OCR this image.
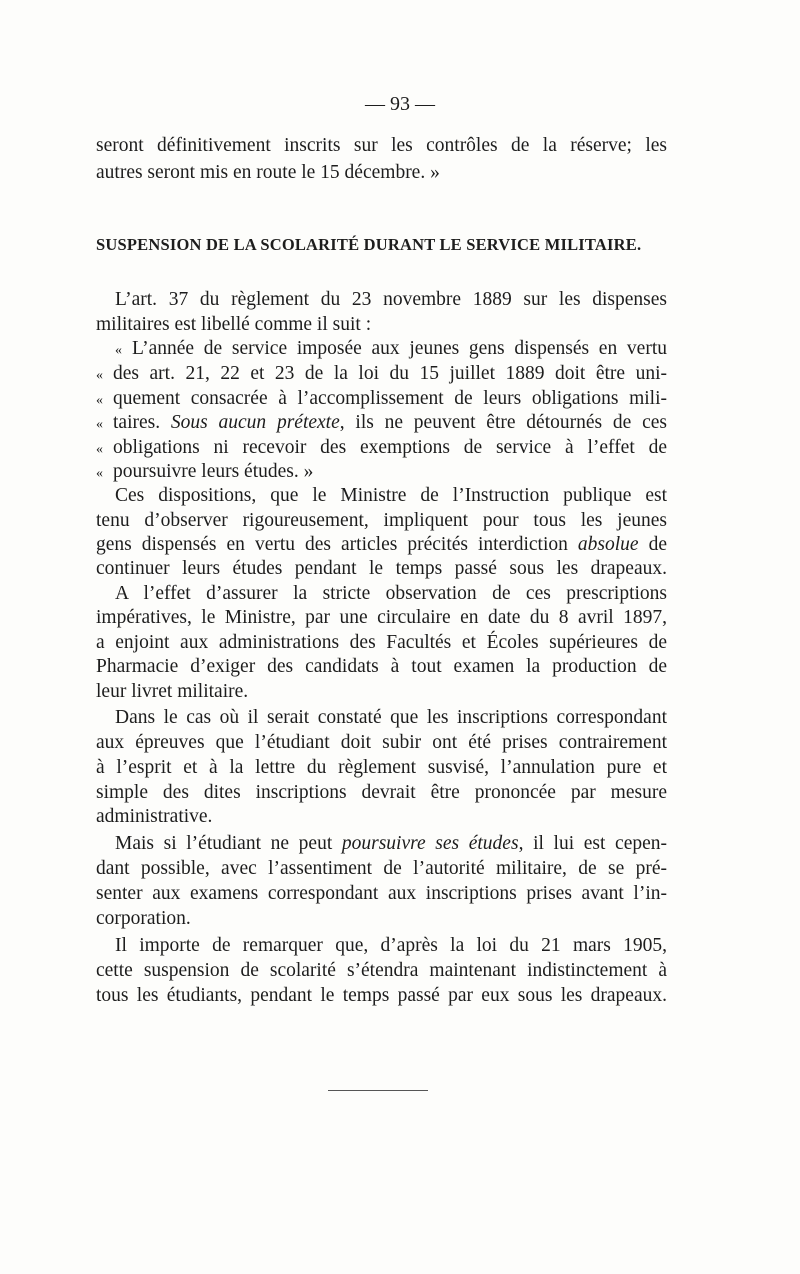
— 93 —
seront définitivement inscrits sur les contrôles de la réserve; les
autres seront mis en route le 15 décembre. »
SUSPENSION DE LA SCOLARITÉ DURANT LE SERVICE MILITAIRE.
L’art. 37 du règlement du 23 novembre 1889 sur les dispenses
militaires est libellé comme il suit :
« L’année de service imposée aux jeunes gens dispensés en vertu
« des art. 21, 22 et 23 de la loi du 15 juillet 1889 doit être uni-
« quement consacrée à l’accomplissement de leurs obligations mili-
« taires. Sous aucun prétexte, ils ne peuvent être détournés de ces
« obligations ni recevoir des exemptions de service à l’effet de
« poursuivre leurs études. »
Ces dispositions, que le Ministre de l’Instruction publique est
tenu d’observer rigoureusement, impliquent pour tous les jeunes
gens dispensés en vertu des articles précités interdiction absolue de
continuer leurs études pendant le temps passé sous les drapeaux.
A l’effet d’assurer la stricte observation de ces prescriptions
impératives, le Ministre, par une circulaire en date du 8 avril 1897,
a enjoint aux administrations des Facultés et Écoles supérieures de
Pharmacie d’exiger des candidats à tout examen la production de
leur livret militaire.
Dans le cas où il serait constaté que les inscriptions correspondant
aux épreuves que l’étudiant doit subir ont été prises contrairement
à l’esprit et à la lettre du règlement susvisé, l’annulation pure et
simple des dites inscriptions devrait être prononcée par mesure
administrative.
Mais si l’étudiant ne peut poursuivre ses études, il lui est cepen-
dant possible, avec l’assentiment de l’autorité militaire, de se pré-
senter aux examens correspondant aux inscriptions prises avant l’in-
corporation.
Il importe de remarquer que, d’après la loi du 21 mars 1905,
cette suspension de scolarité s’étendra maintenant indistinctement à
tous les étudiants, pendant le temps passé par eux sous les drapeaux.
